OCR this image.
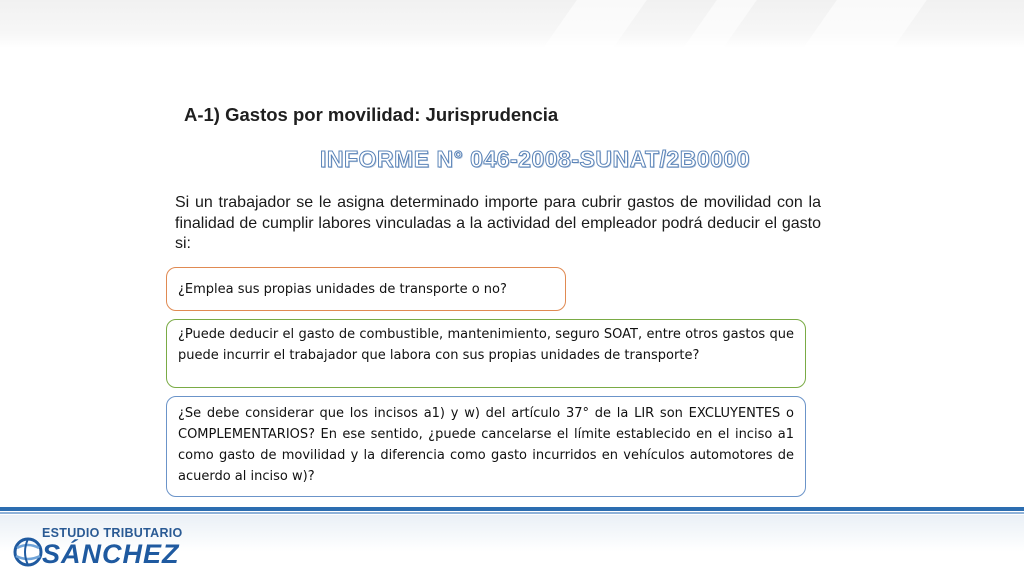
A-1) Gastos por movilidad: Jurisprudencia
INFORME N° 046-2008-SUNAT/2B0000
Si un trabajador se le asigna determinado importe para cubrir gastos de movilidad con la finalidad de cumplir labores vinculadas a la actividad del empleador podrá deducir el gasto si:
¿Emplea sus propias unidades de transporte o no?
¿Puede deducir el gasto de combustible, mantenimiento, seguro SOAT, entre otros gastos que puede incurrir el trabajador que labora con sus propias unidades de transporte?
¿Se debe considerar que los incisos a1) y w) del artículo 37° de la LIR son EXCLUYENTES o COMPLEMENTARIOS? En ese sentido, ¿puede cancelarse el límite establecido en el inciso a1 como gasto de movilidad y la diferencia como gasto incurridos en vehículos automotores de acuerdo al inciso w)?
ESTUDIO TRIBUTARIO
SÁNCHEZ
